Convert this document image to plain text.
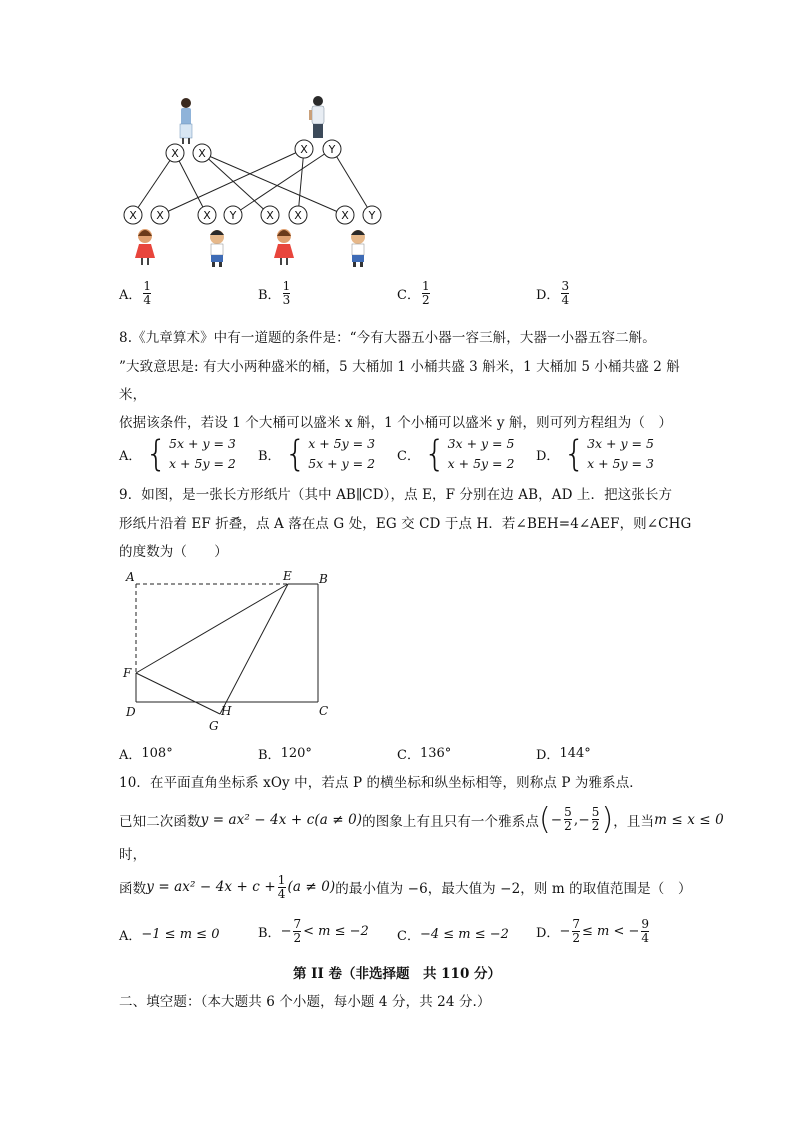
X X	X Y
X X	X Y	X X	X Y
A． $\frac{1}{4}$	B． $\frac{1}{3}$	C． $\frac{1}{2}$	D． $\frac{3}{4}$
8.《九章算术》中有一道题的条件是：“今有大器五小器一容三斛，大器一小器五容二斛。
”大致意思是: 有大小两种盛米的桶，5 大桶加 1 小桶共盛 3 斛米，1 大桶加 5 小桶共盛 2 斛
米，
依据该条件，若设 1 个大桶可以盛米 x 斛，1 个小桶可以盛米 y 斛，则可列方程组为（　）
A． { 5x + y = 3
x + 5y = 2 B． { x + 5y = 3
5x + y = 2 C． { 3x + y = 5
x + 5y = 2 D． { 3x + y = 5
x + 5y = 3
9．如图，是一张长方形纸片（其中 AB∥CD），点 E，F 分别在边 AB，AD 上．把这张长方
形纸片沿着 EF 折叠，点 A 落在点 G 处，EG 交 CD 于点 H．若∠BEH=4∠AEF，则∠CHG
的度数为（　　）
A	E B
F
D	H
G
C
A． 108°	B． 120°	C． 136°	D． 144°
10．在平面直角坐标系 xOy 中，若点 P 的横坐标和纵坐标相等，则称点 P 为雅系点．
已知二次函数 y = ax² − 4x + c (a ≠ 0) 的图象上有且只有一个雅系点 ( − $\frac{5}{2}$ ,− $\frac{5}{2}$ ) ，且当 m ≤ x ≤ 0
时，
函数 $y = ax^2 - 4x + c + \frac{1}{4} (a \ne 0)$ 的最小值为 −6，最大值为 −2，则 m 的取值范围是（　）
A． −1 ≤ m ≤ 0	B． − $\frac{7}{2} < m \le -2$ C． −4 ≤ m ≤ −2 D． − $\frac{7}{2} \le m$ < − $\frac{9}{4}$
第 II 卷（非选择题　共 110 分）
二、填空题：（本大题共 6 个小题，每小题 4 分，共 24 分.）
